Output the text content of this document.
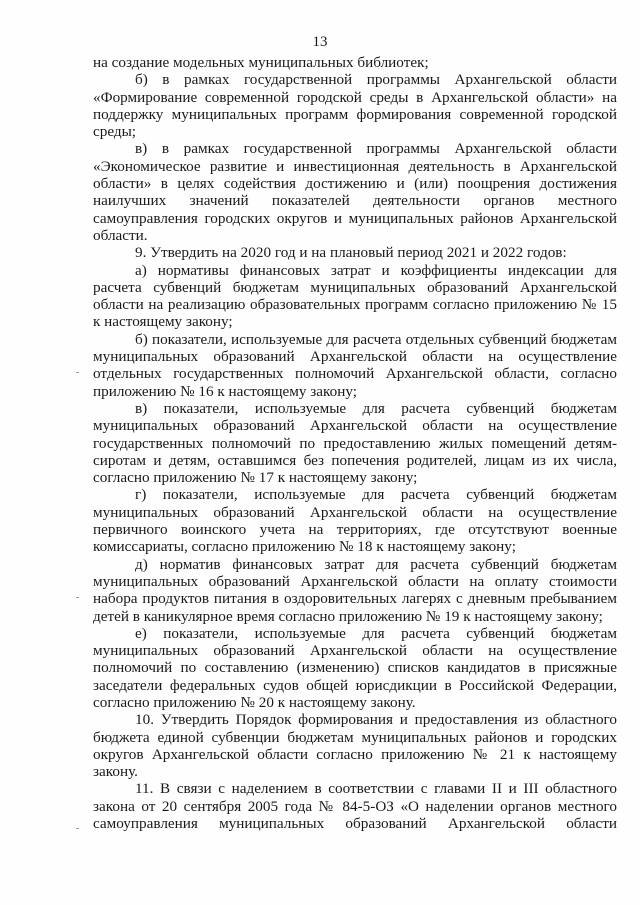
13

на создание модельных муниципальных библиотек;

б) в рамках государственной программы Архангельской области «Формирование современной городской среды в Архангельской области» на поддержку муниципальных программ формирования современной городской среды;

в) в рамках государственной программы Архангельской области «Экономическое развитие и инвестиционная деятельность в Архангельской области» в целях содействия достижению и (или) поощрения достижения наилучших значений показателей деятельности органов местного самоуправления городских округов и муниципальных районов Архангельской области.

9. Утвердить на 2020 год и на плановый период 2021 и 2022 годов:

а) нормативы финансовых затрат и коэффициенты индексации для расчета субвенций бюджетам муниципальных образований Архангельской области на реализацию образовательных программ согласно приложению № 15 к настоящему закону;

б) показатели, используемые для расчета отдельных субвенций бюджетам муниципальных образований Архангельской области на осуществление отдельных государственных полномочий Архангельской области, согласно приложению № 16 к настоящему закону;

в) показатели, используемые для расчета субвенций бюджетам муниципальных образований Архангельской области на осуществление государственных полномочий по предоставлению жилых помещений детям-сиротам и детям, оставшимся без попечения родителей, лицам из их числа, согласно приложению № 17 к настоящему закону;

г) показатели, используемые для расчета субвенций бюджетам муниципальных образований Архангельской области на осуществление первичного воинского учета на территориях, где отсутствуют военные комиссариаты, согласно приложению № 18 к настоящему закону;

д) норматив финансовых затрат для расчета субвенций бюджетам муниципальных образований Архангельской области на оплату стоимости набора продуктов питания в оздоровительных лагерях с дневным пребыванием детей в каникулярное время согласно приложению № 19 к настоящему закону;

е) показатели, используемые для расчета субвенций бюджетам муниципальных образований Архангельской области на осуществление полномочий по составлению (изменению) списков кандидатов в присяжные заседатели федеральных судов общей юрисдикции в Российской Федерации, согласно приложению № 20 к настоящему закону.

10. Утвердить Порядок формирования и предоставления из областного бюджета единой субвенции бюджетам муниципальных районов и городских округов Архангельской области согласно приложению № 21 к настоящему закону.

11. В связи с наделением в соответствии с главами II и III областного закона от 20 сентября 2005 года № 84-5-ОЗ «О наделении органов местного самоуправления муниципальных образований Архангельской области
